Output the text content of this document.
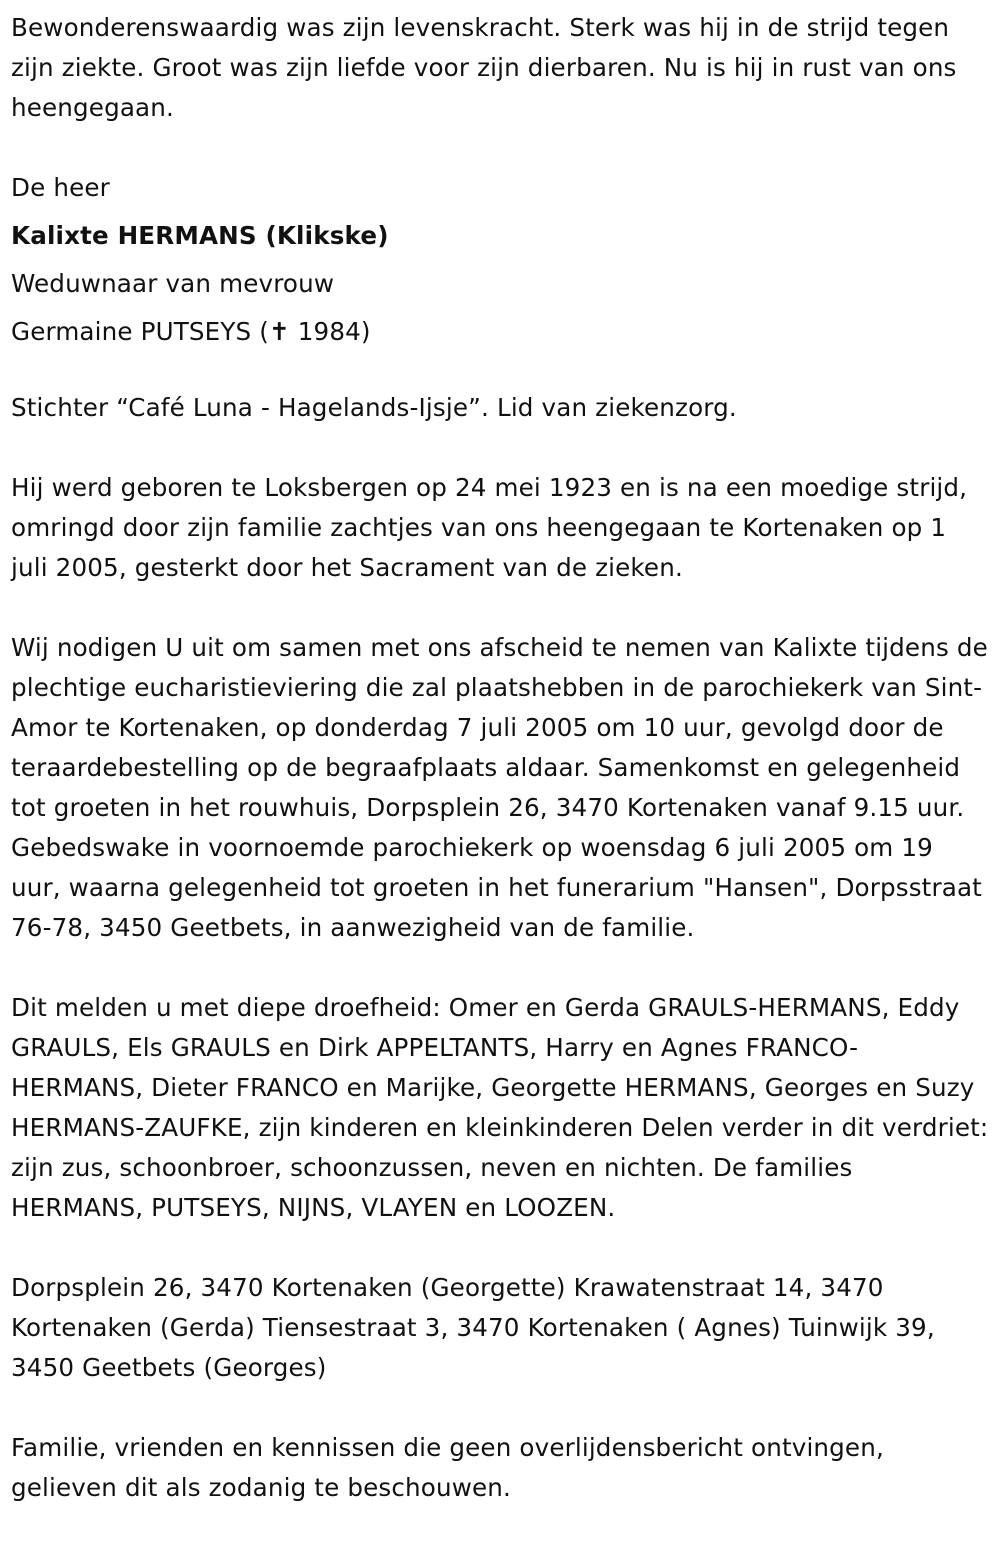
Bewonderenswaardig was zijn levenskracht. Sterk was hij in de strijd tegen zijn ziekte. Groot was zijn liefde voor zijn dierbaren. Nu is hij in rust van ons heengegaan.

De heer
Kalixte HERMANS (Klikske)
Weduwnaar van mevrouw
Germaine PUTSEYS (✝ 1984)

Stichter “Café Luna - Hagelands-Ijsje”. Lid van ziekenzorg.

Hij werd geboren te Loksbergen op 24 mei 1923 en is na een moedige strijd, omringd door zijn familie zachtjes van ons heengegaan te Kortenaken op 1 juli 2005, gesterkt door het Sacrament van de zieken.

Wij nodigen U uit om samen met ons afscheid te nemen van Kalixte tijdens de plechtige eucharistieviering die zal plaatshebben in de parochiekerk van Sint-Amor te Kortenaken, op donderdag 7 juli 2005 om 10 uur, gevolgd door de teraardebestelling op de begraafplaats aldaar. Samenkomst en gelegenheid tot groeten in het rouwhuis, Dorpsplein 26, 3470 Kortenaken vanaf 9.15 uur. Gebedswake in voornoemde parochiekerk op woensdag 6 juli 2005 om 19 uur, waarna gelegenheid tot groeten in het funerarium "Hansen", Dorpsstraat 76-78, 3450 Geetbets, in aanwezigheid van de familie.

Dit melden u met diepe droefheid: Omer en Gerda GRAULS-HERMANS, Eddy GRAULS, Els GRAULS en Dirk APPELTANTS, Harry en Agnes FRANCO-HERMANS, Dieter FRANCO en Marijke, Georgette HERMANS, Georges en Suzy HERMANS-ZAUFKE, zijn kinderen en kleinkinderen Delen verder in dit verdriet: zijn zus, schoonbroer, schoonzussen, neven en nichten. De families HERMANS, PUTSEYS, NIJNS, VLAYEN en LOOZEN.

Dorpsplein 26, 3470 Kortenaken (Georgette) Krawatenstraat 14, 3470 Kortenaken (Gerda) Tiensestraat 3, 3470 Kortenaken ( Agnes) Tuinwijk 39, 3450 Geetbets (Georges)

Familie, vrienden en kennissen die geen overlijdensbericht ontvingen, gelieven dit als zodanig te beschouwen.
